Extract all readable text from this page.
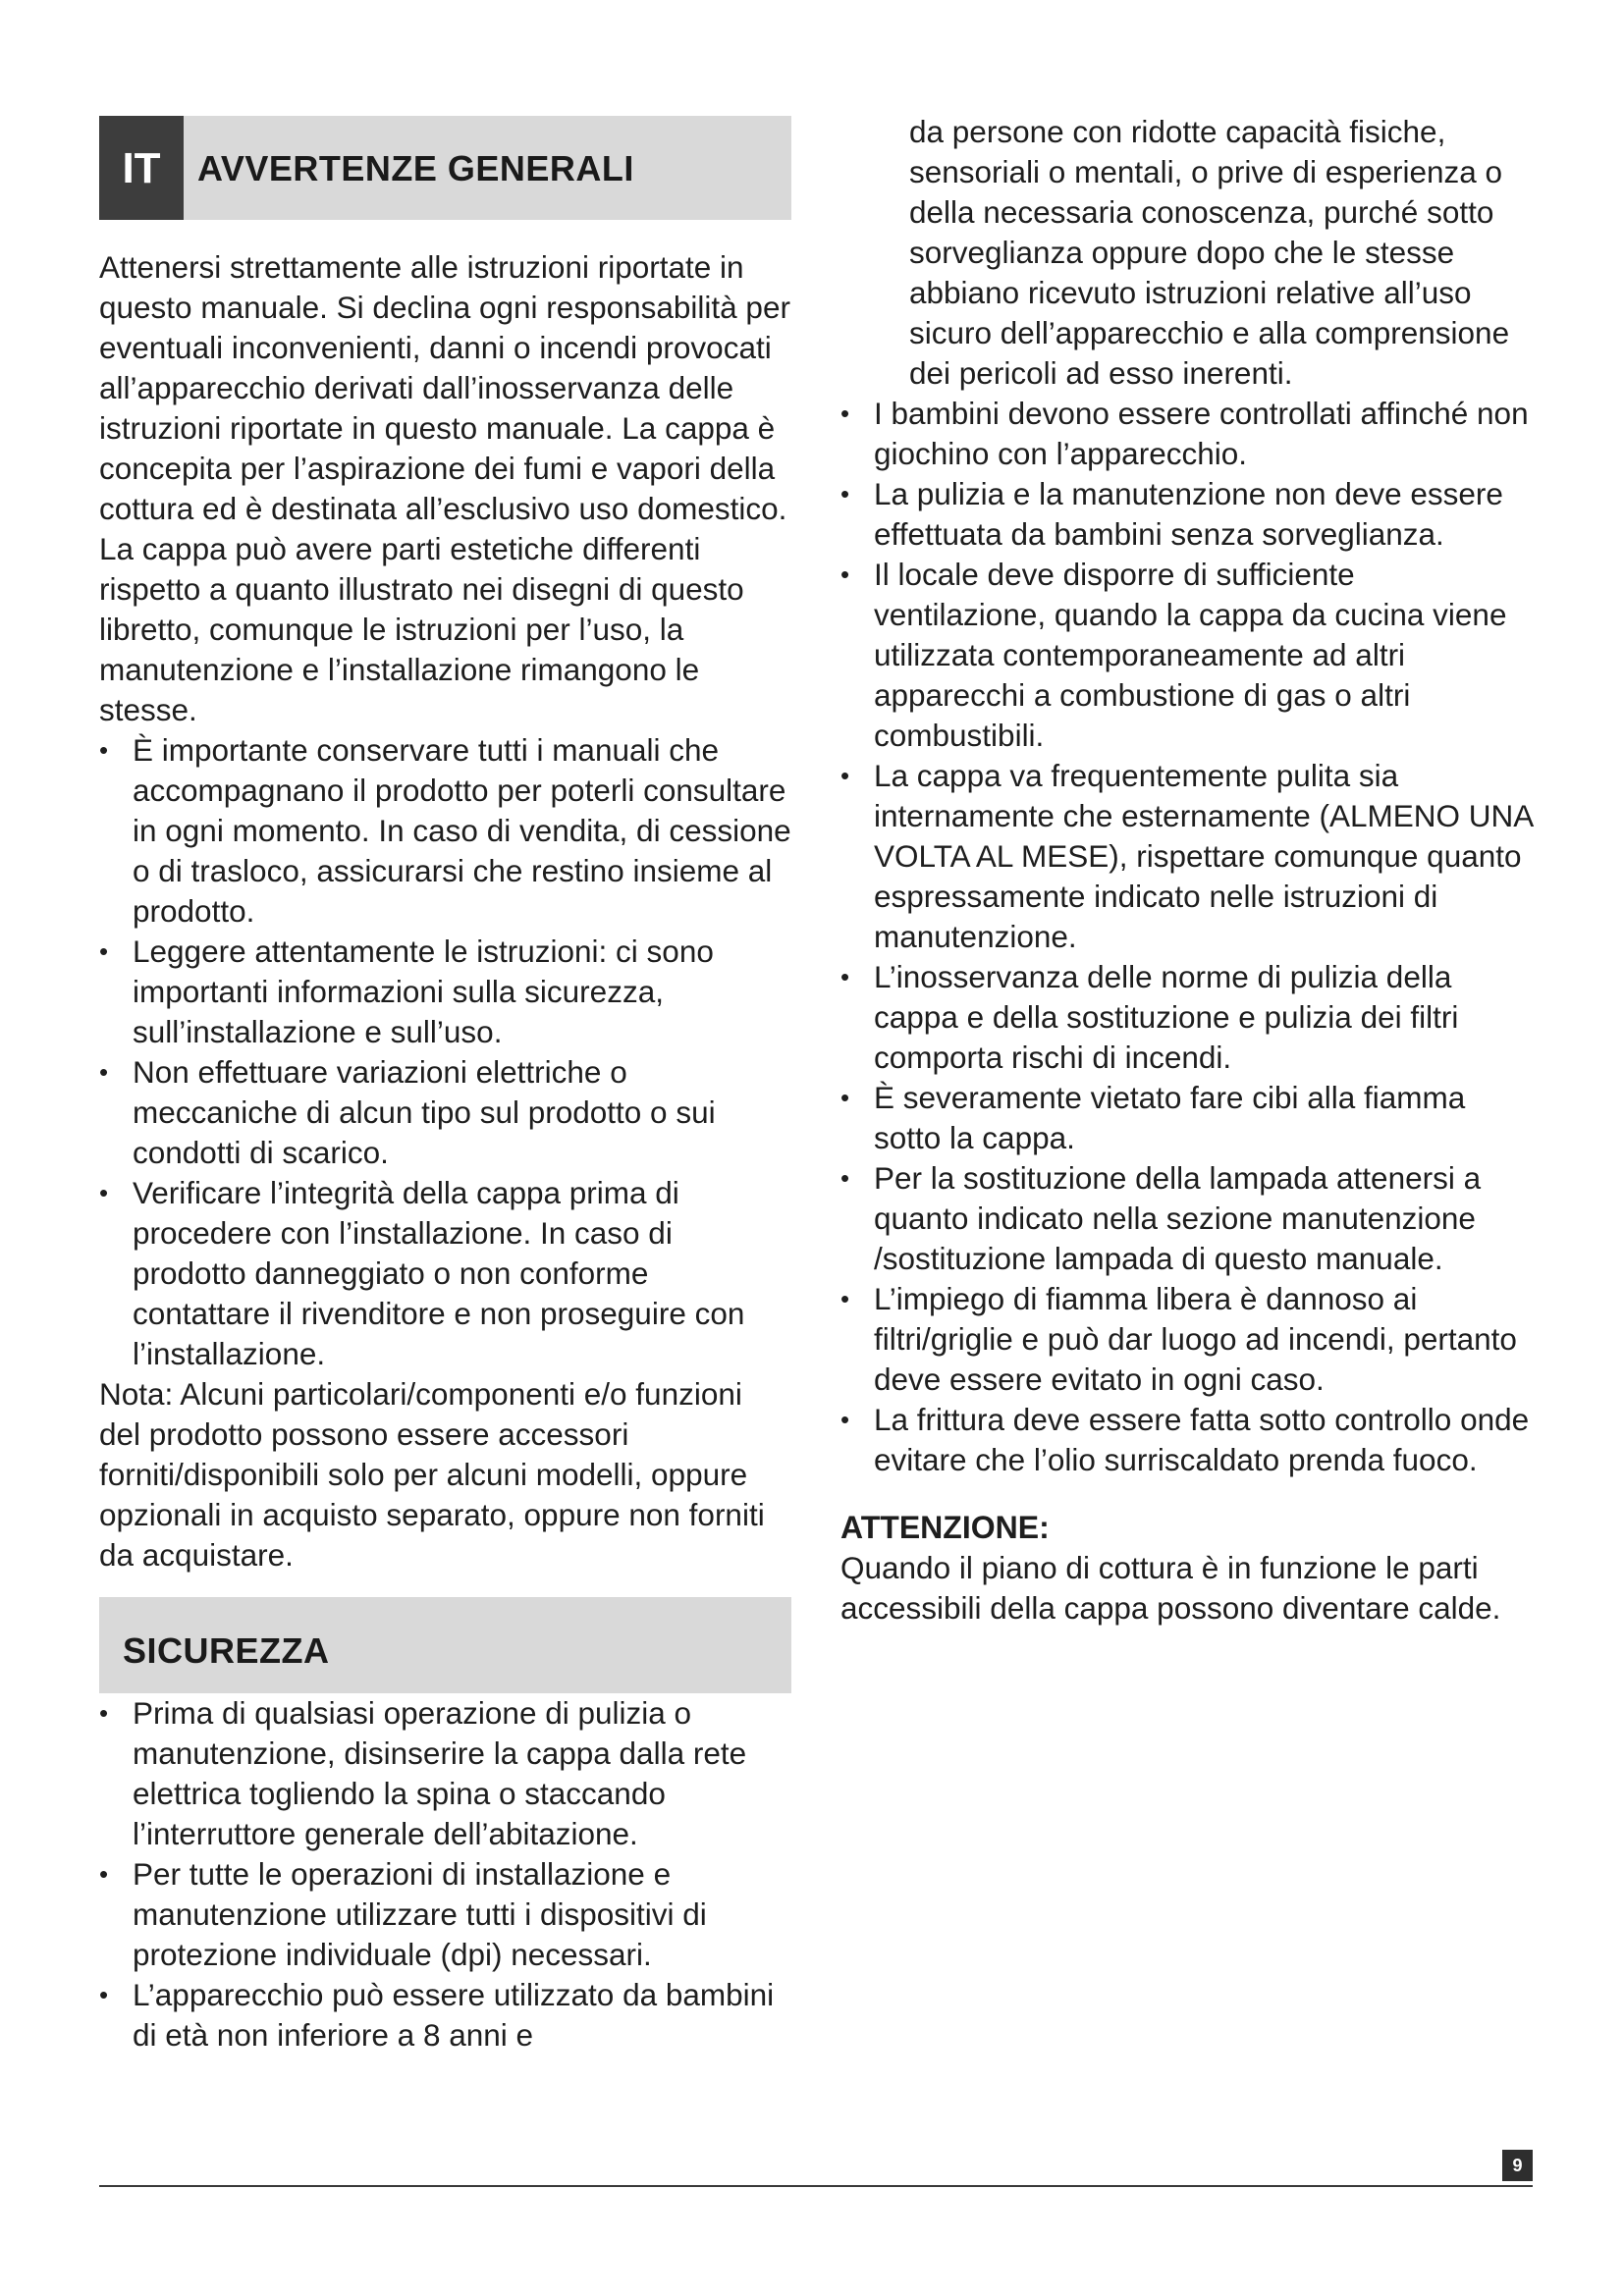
IT	AVVERTENZE GENERALI

Attenersi strettamente alle istruzioni riportate in questo manuale. Si declina ogni responsabilità per eventuali inconvenienti, danni o incendi provocati all’apparecchio derivati dall’inosservanza delle istruzioni riportate in questo manuale. La cappa è concepita per l’aspirazione dei fumi e vapori della cottura ed è destinata all’esclusivo uso domestico. La cappa può avere parti estetiche differenti rispetto a quanto illustrato nei disegni di questo libretto, comunque le istruzioni per l’uso, la manutenzione e l’installazione rimangono le stesse.

• È importante conservare tutti i manuali che accompagnano il prodotto per poterli consultare in ogni momento. In caso di vendita, di cessione o di trasloco, assicurarsi che restino insieme al prodotto.
• Leggere attentamente le istruzioni: ci sono importanti informazioni sulla sicurezza, sull’installazione e sull’uso.
• Non effettuare variazioni elettriche o meccaniche di alcun tipo sul prodotto o sui condotti di scarico.
• Verificare l’integrità della cappa prima di procedere con l’installazione. In caso di prodotto danneggiato o non conforme contattare il rivenditore e non proseguire con l’installazione.

Nota: Alcuni particolari/componenti e/o funzioni del prodotto possono essere accessori forniti/disponibili solo per alcuni modelli, oppure opzionali in acquisto separato, oppure non forniti da acquistare.

SICUREZZA
• Prima di qualsiasi operazione di pulizia o manutenzione, disinserire la cappa dalla rete elettrica togliendo la spina o staccando l’interruttore generale dell’abitazione.
• Per tutte le operazioni di installazione e manutenzione utilizzare tutti i dispositivi di protezione individuale (dpi) necessari.
• L’apparecchio può essere utilizzato da bambini di età non inferiore a 8 anni e

da persone con ridotte capacità fisiche, sensoriali o mentali, o prive di esperienza o della necessaria conoscenza, purché sotto sorveglianza oppure dopo che le stesse abbiano ricevuto istruzioni relative all’uso sicuro dell’apparecchio e alla comprensione dei pericoli ad esso inerenti.

• I bambini devono essere controllati affinché non giochino con l’apparecchio.
• La pulizia e la manutenzione non deve essere effettuata da bambini senza sorveglianza.
• Il locale deve disporre di sufficiente ventilazione, quando la cappa da cucina viene utilizzata contemporaneamente ad altri apparecchi a combustione di gas o altri combustibili.
• La cappa va frequentemente pulita sia internamente che esternamente (ALMENO UNA VOLTA AL MESE), rispettare comunque quanto espressamente indicato nelle istruzioni di manutenzione.
• L’inosservanza delle norme di pulizia della cappa e della sostituzione e pulizia dei filtri comporta rischi di incendi.
• È severamente vietato fare cibi alla fiamma sotto la cappa.
• Per la sostituzione della lampada attenersi a quanto indicato nella sezione manutenzione /sostituzione lampada di questo manuale.
• L’impiego di fiamma libera è dannoso ai filtri/griglie e può dar luogo ad incendi, pertanto deve essere evitato in ogni caso.
• La frittura deve essere fatta sotto controllo onde evitare che l’olio surriscaldato prenda fuoco.

ATTENZIONE:

Quando il piano di cottura è in funzione le parti accessibili della cappa possono diventare calde.

9
